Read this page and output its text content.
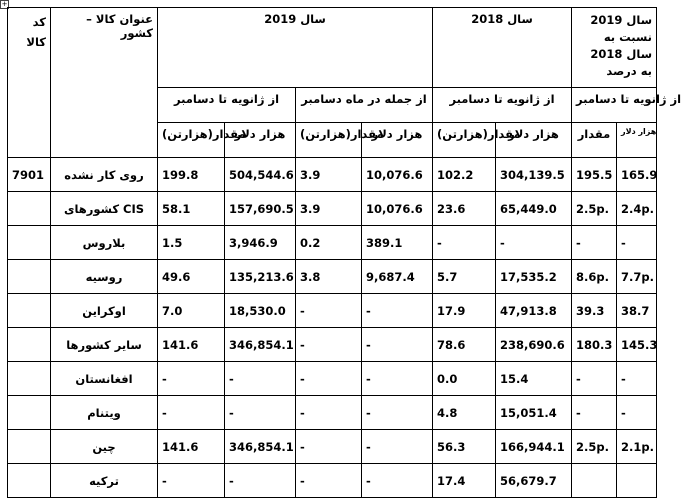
+
کد کالا	عنوان کالا – کشور	سال 2019				سال 2018		سال 2019 نسبت به سال 2018 به درصد	
		از ژانویه تا دسامبر		از جمله در ماه دسامبر		از ژانویه تا دسامبر		از ژانویه تا دسامبر	
		مقدار(هزارتن)	هزار دلار	مقدار(هزارتن)	هزار دلار	مقدار(هزارتن)	هزار دلار	مقدار	هزار دلار
7901	روی کار نشده	199.8	504,544.6	3.9	10,076.6	102.2	304,139.5	195.5	165.9
	کشورهای CIS	58.1	157,690.5	3.9	10,076.6	23.6	65,449.0	2.5p.	2.4p.
	بلاروس	1.5	3,946.9	0.2	389.1	-	-	-	-
	روسیه	49.6	135,213.6	3.8	9,687.4	5.7	17,535.2	8.6p.	7.7p.
	اوکراین	7.0	18,530.0	-	-	17.9	47,913.8	39.3	38.7
	سایر کشورها	141.6	346,854.1	-	-	78.6	238,690.6	180.3	145.3
	افغانستان	-	-	-	-	0.0	15.4	-	-
	ویتنام	-	-	-	-	4.8	15,051.4	-	-
	چین	141.6	346,854.1	-	-	56.3	166,944.1	2.5p.	2.1p.
	ترکیه	-	-	-	-	17.4	56,679.7		
